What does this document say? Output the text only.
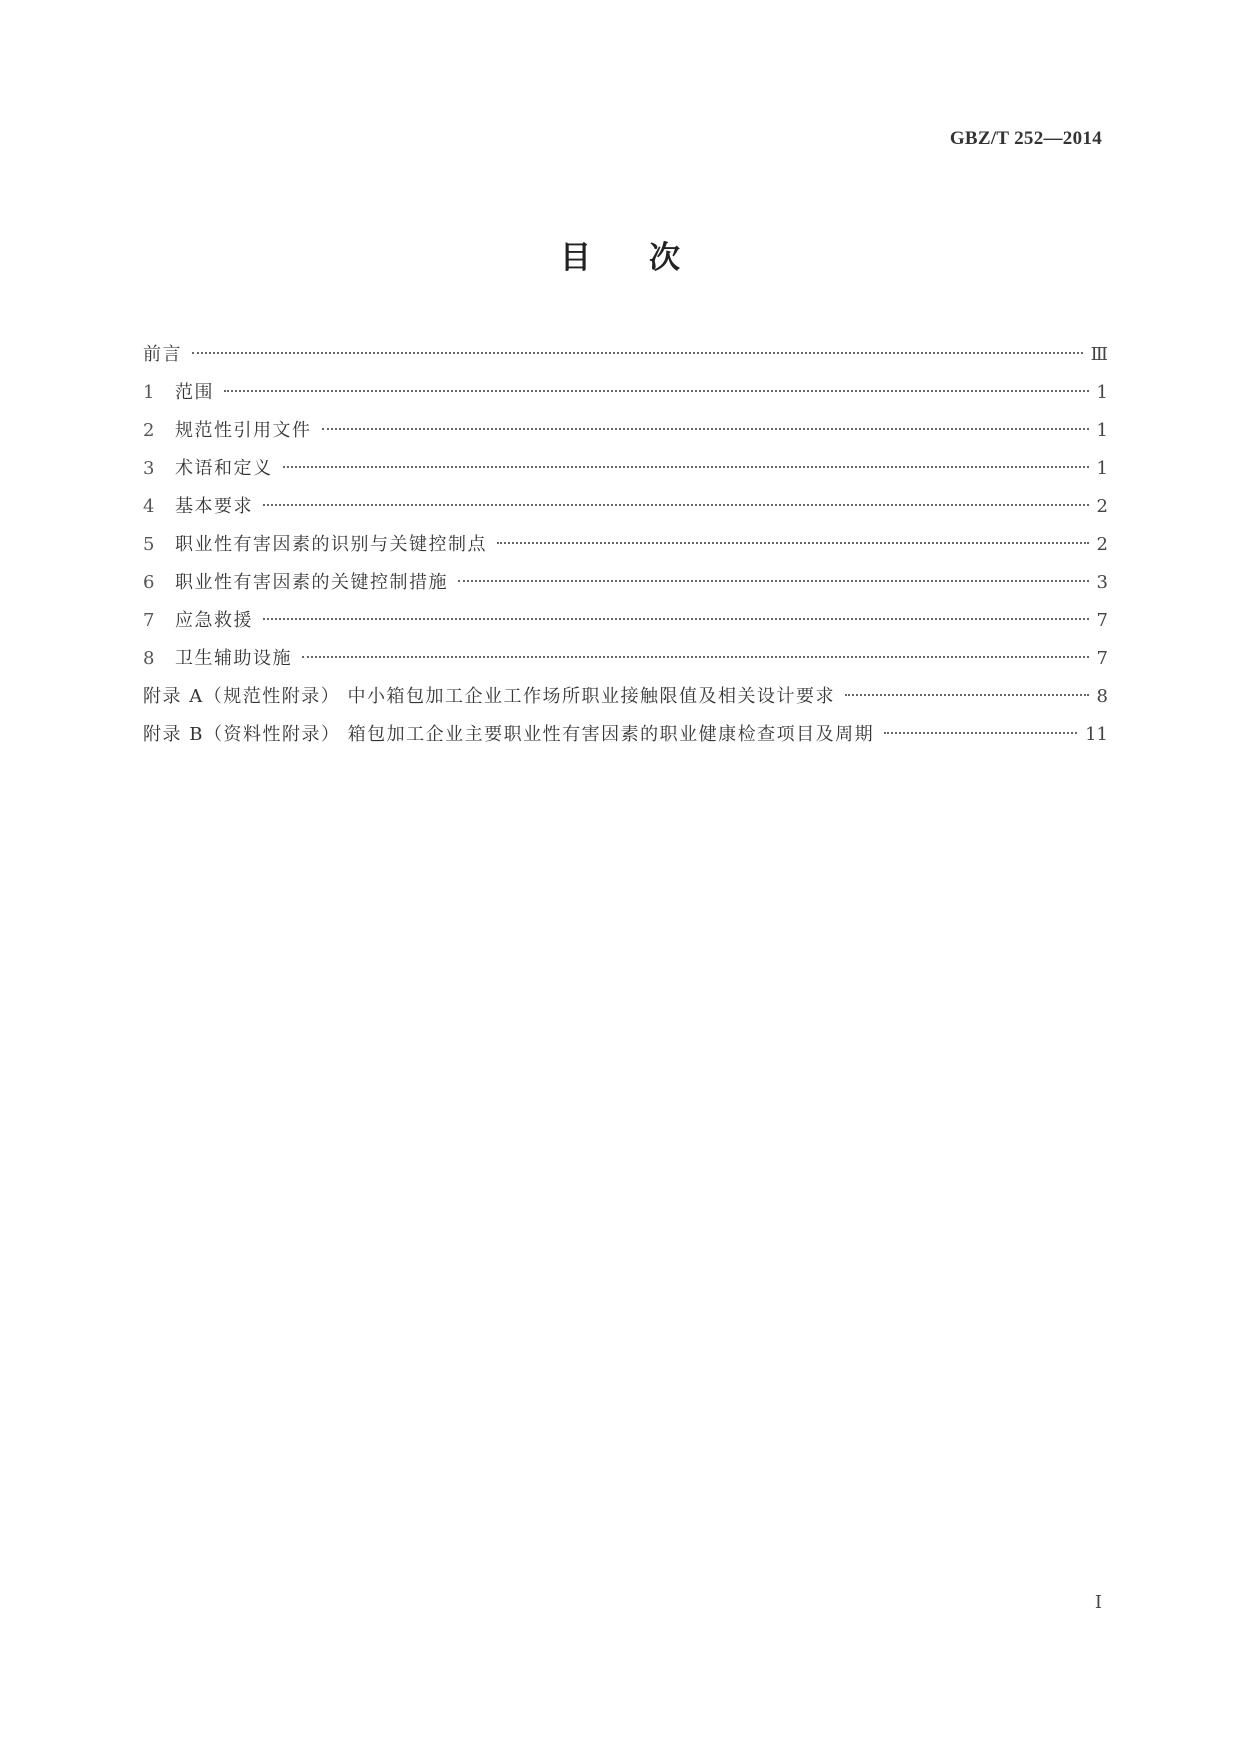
GBZ/T 252—2014
目 次
前言	Ⅲ
1	范围	1
2	规范性引用文件	1
3	术语和定义	1
4	基本要求	2
5	职业性有害因素的识别与关键控制点	2
6	职业性有害因素的关键控制措施	3
7	应急救援	7
8	卫生辅助设施	7
附录 A（规范性附录） 中小箱包加工企业工作场所职业接触限值及相关设计要求	8
附录 B（资料性附录） 箱包加工企业主要职业性有害因素的职业健康检查项目及周期	11
I
